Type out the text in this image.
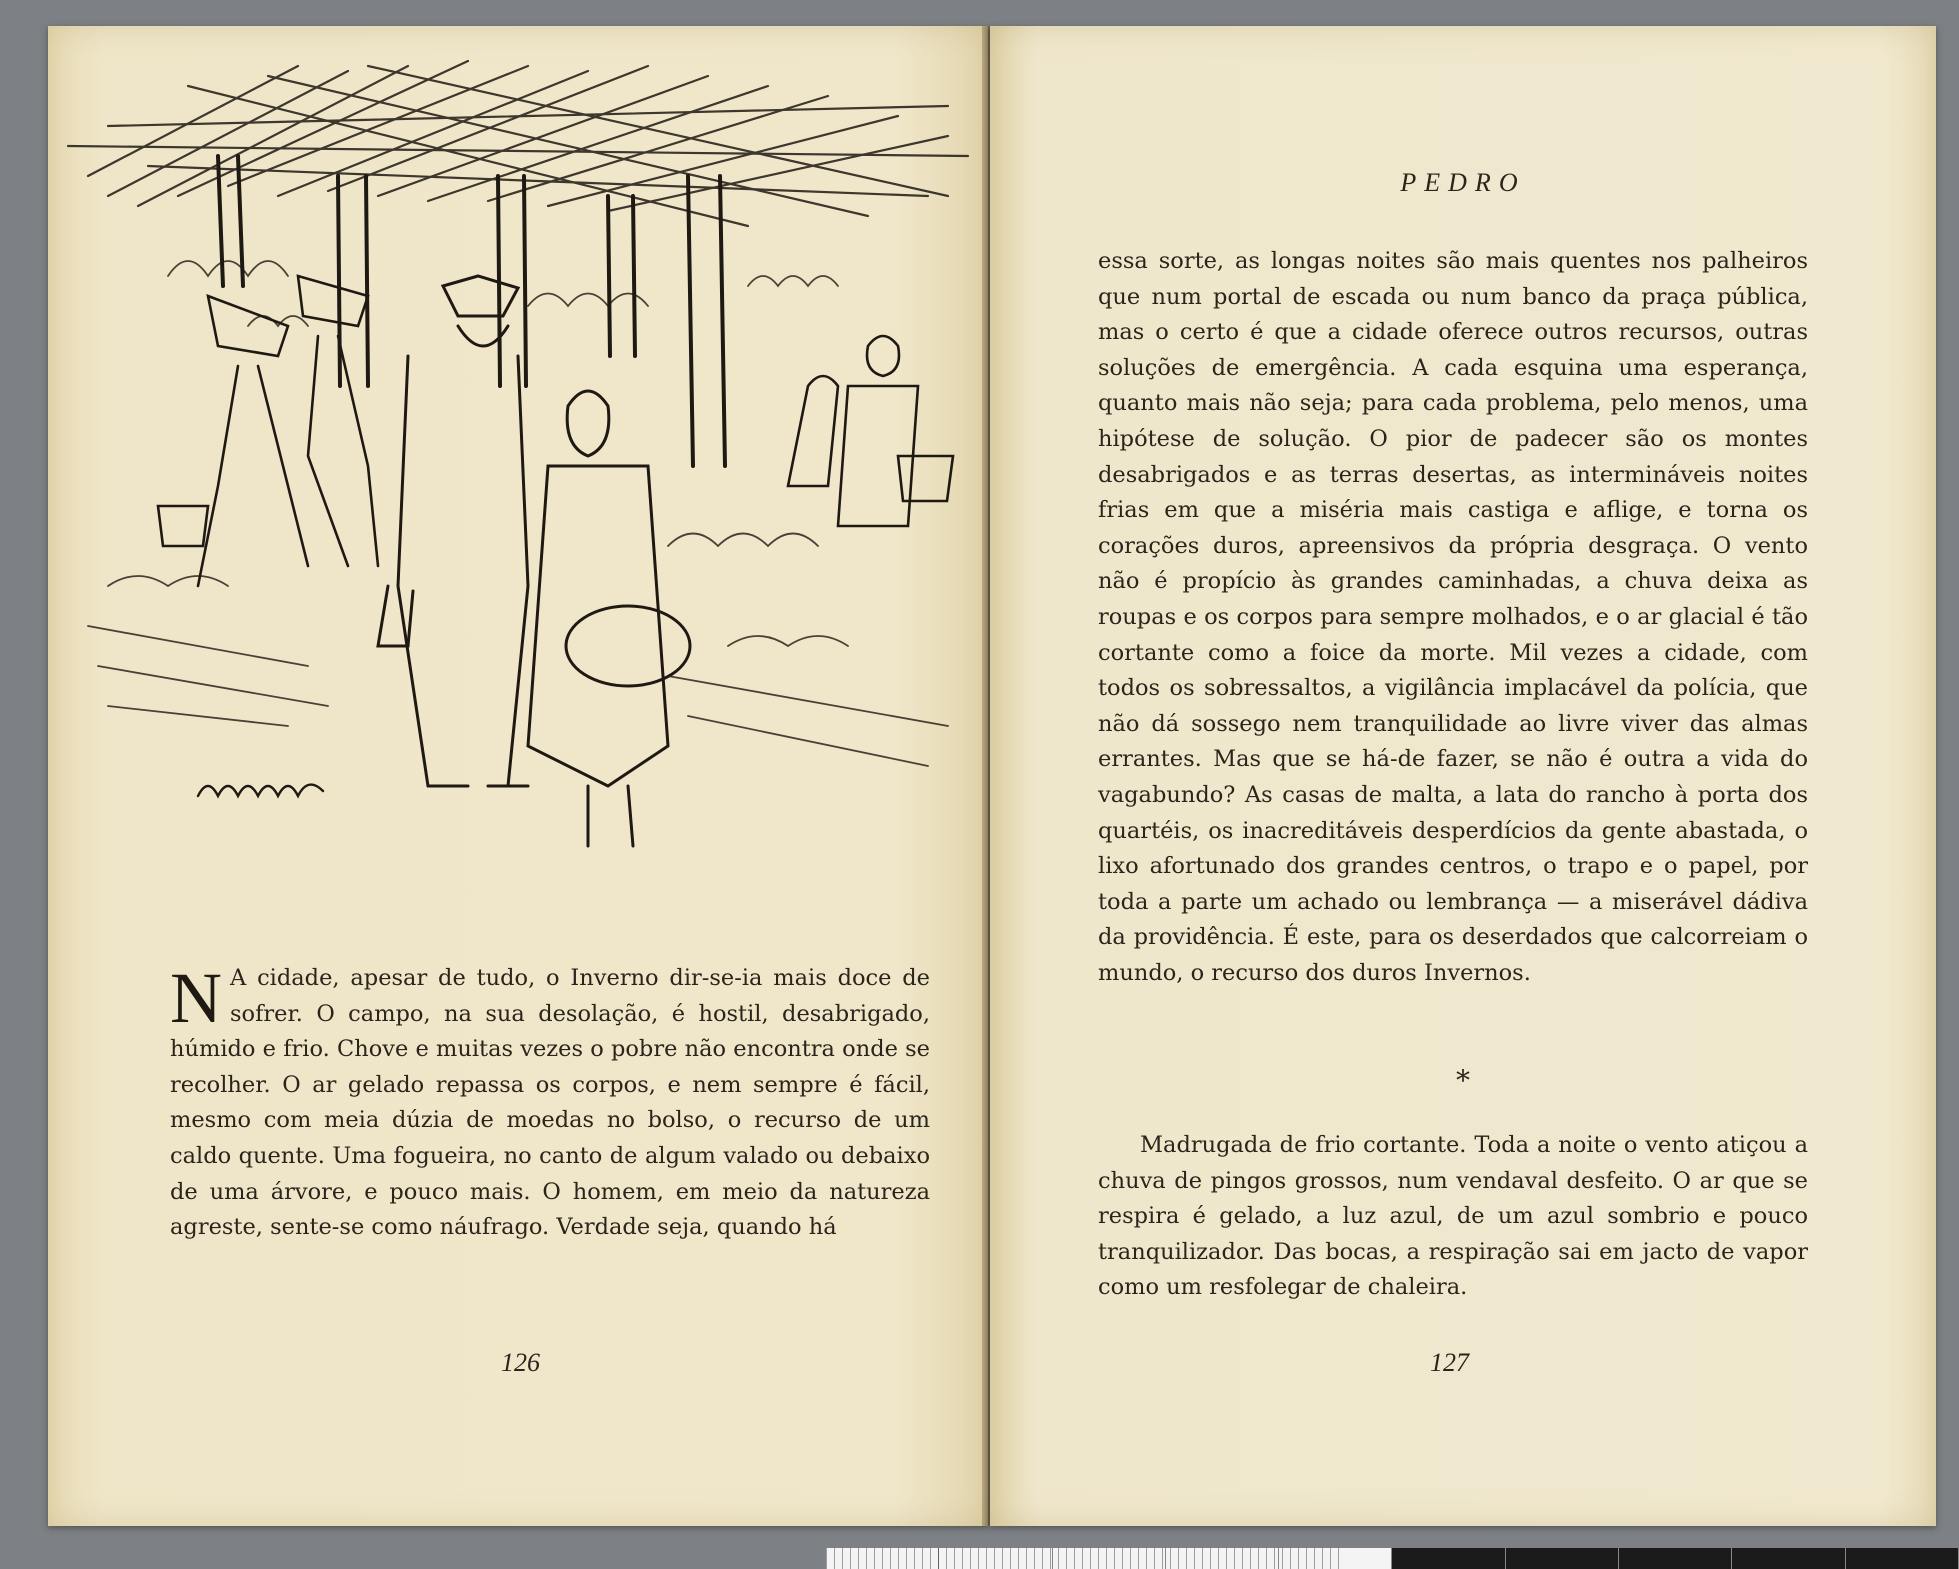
N A cidade, apesar de tudo, o Inverno dir-se-ia mais doce de sofrer. O campo, na sua desolação, é hostil, desabrigado, húmido e frio. Chove e muitas vezes o pobre não encontra onde se recolher. O ar gelado repassa os corpos, e nem sempre é fácil, mesmo com meia dúzia de moedas no bolso, o recurso de um caldo quente. Uma fogueira, no canto de algum valado ou debaixo de uma árvore, e pouco mais. O homem, em meio da natureza agreste, sente-se como náufrago. Verdade seja, quando há

126
PEDRO

essa sorte, as longas noites são mais quentes nos palheiros que num portal de escada ou num banco da praça pública, mas o certo é que a cidade oferece outros recursos, outras soluções de emergência. A cada esquina uma esperança, quanto mais não seja; para cada problema, pelo menos, uma hipótese de solução. O pior de padecer são os montes desabrigados e as terras desertas, as intermináveis noites frias em que a miséria mais castiga e aflige, e torna os corações duros, apreensivos da própria desgraça. O vento não é propício às grandes caminhadas, a chuva deixa as roupas e os corpos para sempre molhados, e o ar glacial é tão cortante como a foice da morte. Mil vezes a cidade, com todos os sobressaltos, a vigilância implacável da polícia, que não dá sossego nem tranquilidade ao livre viver das almas errantes. Mas que se há-de fazer, se não é outra a vida do vagabundo? As casas de malta, a lata do rancho à porta dos quartéis, os inacreditáveis desperdícios da gente abastada, o lixo afortunado dos grandes centros, o trapo e o papel, por toda a parte um achado ou lembrança — a miserável dádiva da providência. É este, para os deserdados que calcorreiam o mundo, o recurso dos duros Invernos.

*

Madrugada de frio cortante. Toda a noite o vento atiçou a chuva de pingos grossos, num vendaval desfeito. O ar que se respira é gelado, a luz azul, de um azul sombrio e pouco tranquilizador. Das bocas, a respiração sai em jacto de vapor como um resfolegar de chaleira.

127
